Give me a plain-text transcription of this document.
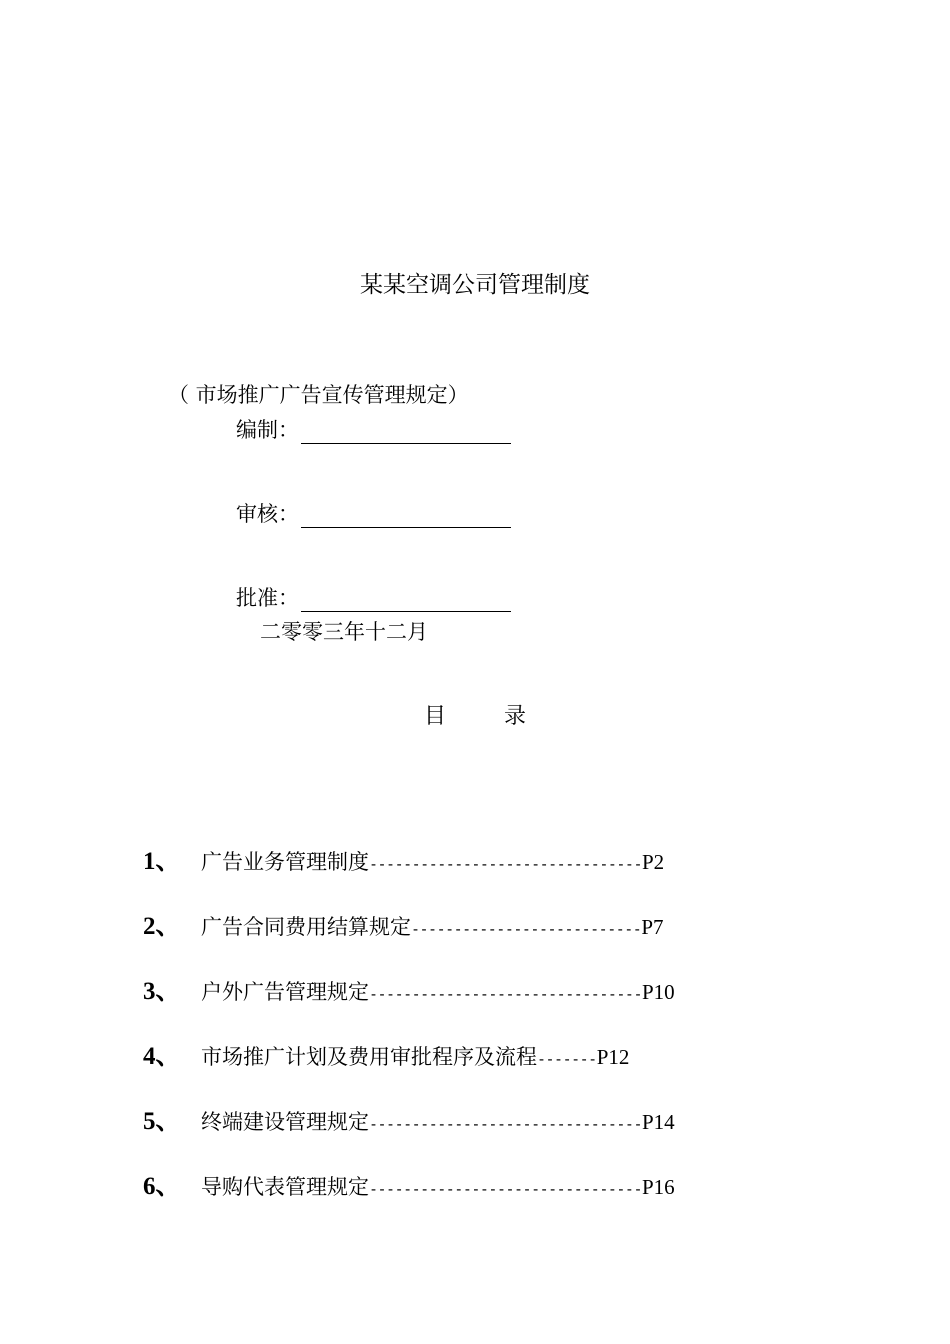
某某空调公司管理制度
（ 市场推广广告宣传管理规定）
编制：
审核：
批准：
二零零三年十二月
目录
1、 广告业务管理制度 -------------------------------- P2
2、 广告合同费用结算规定 --------------------------- P7
3、 户外广告管理规定 -------------------------------- P10
4、 市场推广计划及费用审批程序及流程 ------- P12
5、 终端建设管理规定 -------------------------------- P14
6、 导购代表管理规定 -------------------------------- P16
